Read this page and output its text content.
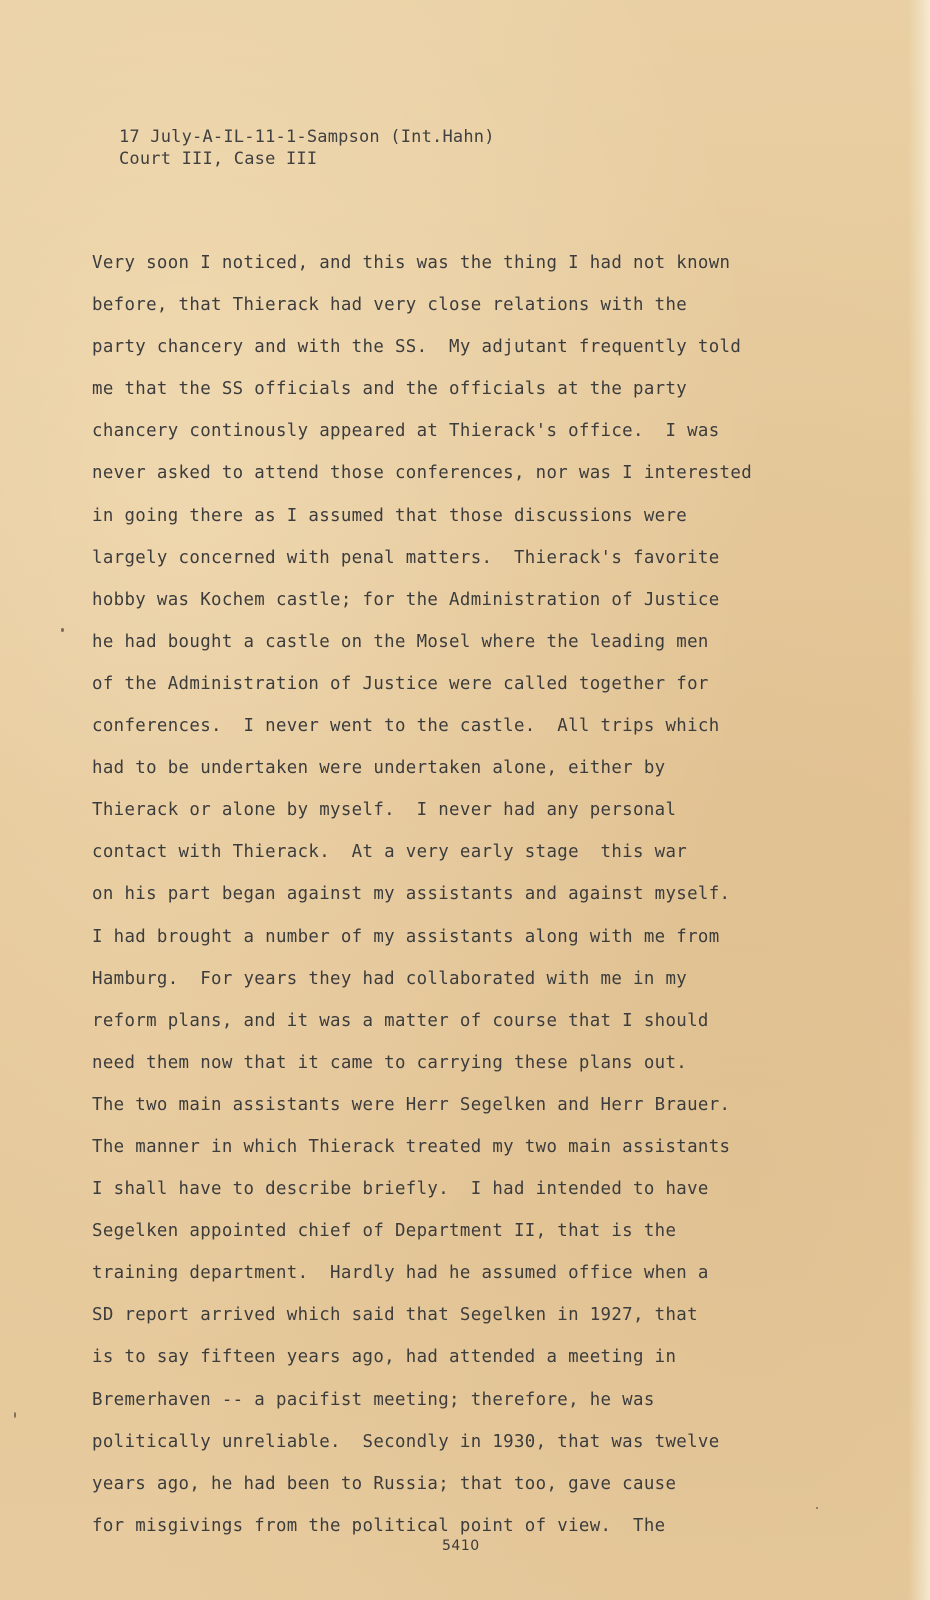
17 July-A-IL-11-1-Sampson (Int.Hahn)
Court III, Case III
Very soon I noticed, and this was the thing I had not known
before, that Thierack had very close relations with the
party chancery and with the SS.  My adjutant frequently told
me that the SS officials and the officials at the party
chancery continously appeared at Thierack's office.  I was
never asked to attend those conferences, nor was I interested
in going there as I assumed that those discussions were
largely concerned with penal matters.  Thierack's favorite
hobby was Kochem castle; for the Administration of Justice
he had bought a castle on the Mosel where the leading men
of the Administration of Justice were called together for
conferences.  I never went to the castle.  All trips which
had to be undertaken were undertaken alone, either by
Thierack or alone by myself.  I never had any personal
contact with Thierack.  At a very early stage  this war
on his part began against my assistants and against myself.
I had brought a number of my assistants along with me from
Hamburg.  For years they had collaborated with me in my
reform plans, and it was a matter of course that I should
need them now that it came to carrying these plans out.
The two main assistants were Herr Segelken and Herr Brauer.
The manner in which Thierack treated my two main assistants
I shall have to describe briefly.  I had intended to have
Segelken appointed chief of Department II, that is the
training department.  Hardly had he assumed office when a
SD report arrived which said that Segelken in 1927, that
is to say fifteen years ago, had attended a meeting in
Bremerhaven -- a pacifist meeting; therefore, he was
politically unreliable.  Secondly in 1930, that was twelve
years ago, he had been to Russia; that too, gave cause
for misgivings from the political point of view.  The
5410
